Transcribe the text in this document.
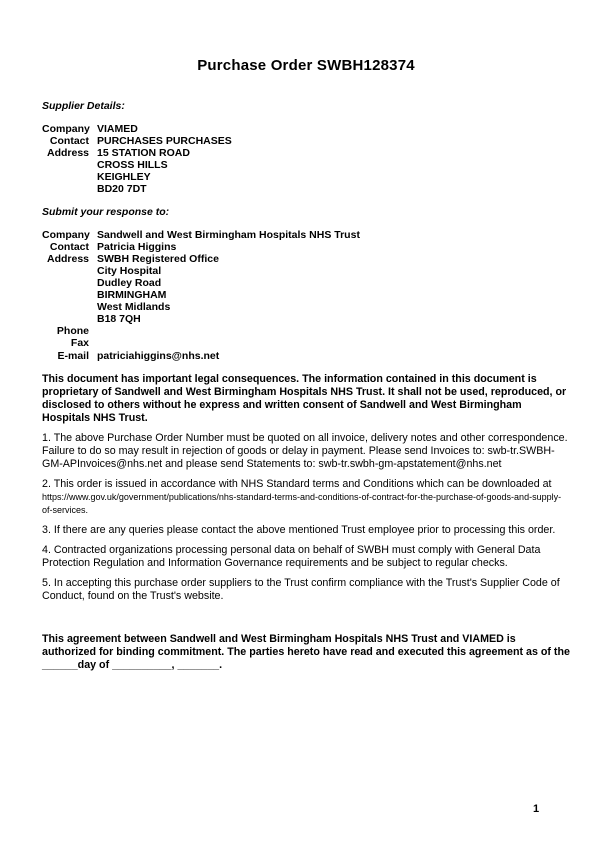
Purchase Order SWBH128374
Supplier Details:
Company VIAMED
Contact PURCHASES PURCHASES
Address 15 STATION ROAD
CROSS HILLS
KEIGHLEY
BD20 7DT
Submit your response to:
Company Sandwell and West Birmingham Hospitals NHS Trust
Contact Patricia Higgins
Address SWBH Registered Office
City Hospital
Dudley Road
BIRMINGHAM
West Midlands
B18 7QH
Phone
Fax
E-mail patriciahiggins@nhs.net

This document has important legal consequences. The information contained in this document is proprietary of Sandwell and West Birmingham Hospitals NHS Trust. It shall not be used, reproduced, or disclosed to others without he express and written consent of Sandwell and West Birmingham Hospitals NHS Trust.

1. The above Purchase Order Number must be quoted on all invoice, delivery notes and other correspondence. Failure to do so may result in rejection of goods or delay in payment. Please send Invoices to: swb-tr.SWBH-GM-APInvoices@nhs.net and please send Statements to: swb-tr.swbh-gm-apstatement@nhs.net

2. This order is issued in accordance with NHS Standard terms and Conditions which can be downloaded at https://www.gov.uk/government/publications/nhs-standard-terms-and-conditions-of-contract-for-the-purchase-of-goods-and-supply-of-services.

3. If there are any queries please contact the above mentioned Trust employee prior to processing this order.

4. Contracted organizations processing personal data on behalf of SWBH must comply with General Data Protection Regulation and Information Governance requirements and be subject to regular checks.

5. In accepting this purchase order suppliers to the Trust confirm compliance with the Trust's Supplier Code of Conduct, found on the Trust's website.

This agreement between Sandwell and West Birmingham Hospitals NHS Trust and VIAMED is authorized for binding commitment. The parties hereto have read and executed this agreement as of the ______day of __________, _______.

1
